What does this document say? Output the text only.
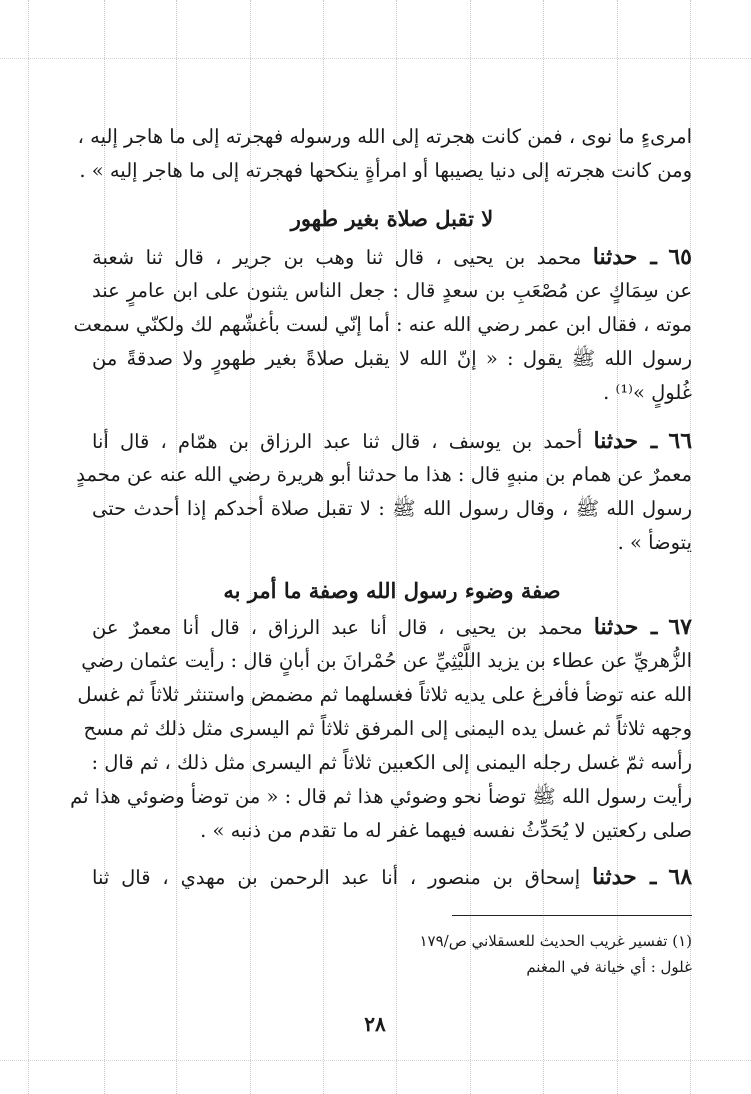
امرىءٍ ما نوى ، فمن كانت هجرته إلى الله ورسوله فهجرته إلى ما هاجر إليه ،
ومن كانت هجرته إلى دنيا يصيبها أو امرأةٍ ينكحها فهجرته إلى ما هاجر إليه » .
لا تقبل صلاة بغير طهور
٦٥ ـ حدثنا محمد بن يحيى ، قال ثنا وهب بن جرير ، قال ثنا شعبة
عن سِمَاكٍ عن مُصْعَبِ بن سعدٍ قال : جعل الناس يثنون على ابن عامرٍ عند
موته ، فقال ابن عمر رضي الله عنه : أما إنّي لست بأغشّهم لك ولكنّي سمعت
رسول الله ﷺ يقول : « إنّ الله لا يقبل صلاةً بغير طهورٍ ولا صدقةً من
غُلولٍ »⁽¹⁾ .
٦٦ ـ حدثنا أحمد بن يوسف ، قال ثنا عبد الرزاق بن همّام ، قال أنا
معمرٌ عن همام بن منبهٍ قال : هذا ما حدثنا أبو هريرة رضي الله عنه عن محمدٍ
رسول الله ﷺ ، وقال رسول الله ﷺ : لا تقبل صلاة أحدكم إذا أحدث حتى
يتوضأ » .
صفة وضوء رسول الله وصفة ما أمر به
٦٧ ـ حدثنا محمد بن يحيى ، قال أنا عبد الرزاق ، قال أنا معمرٌ عن
الزُّهريِّ عن عطاء بن يزيد اللَّيْثِيِّ عن حُمْرانَ بن أبانٍ قال : رأيت عثمان رضي
الله عنه توضأ فأفرغ على يديه ثلاثاً فغسلهما ثم مضمض واستنثر ثلاثاً ثم غسل
وجهه ثلاثاً ثم غسل يده اليمنى إلى المرفق ثلاثاً ثم اليسرى مثل ذلك ثم مسح
رأسه ثمّ غسل رجله اليمنى إلى الكعبين ثلاثاً ثم اليسرى مثل ذلك ، ثم قال :
رأيت رسول الله ﷺ توضأ نحو وضوئي هذا ثم قال : « من توضأ وضوئي هذا ثم
صلى ركعتين لا يُحَدِّثُ نفسه فيهما غفر له ما تقدم من ذنبه » .
٦٨ ـ حدثنا إسحاق بن منصور ، أنا عبد الرحمن بن مهدي ، قال ثنا
(١) تفسير غريب الحديث للعسقلاني ص/١٧٩
غلول : أي خيانة في المغنم
٢٨
